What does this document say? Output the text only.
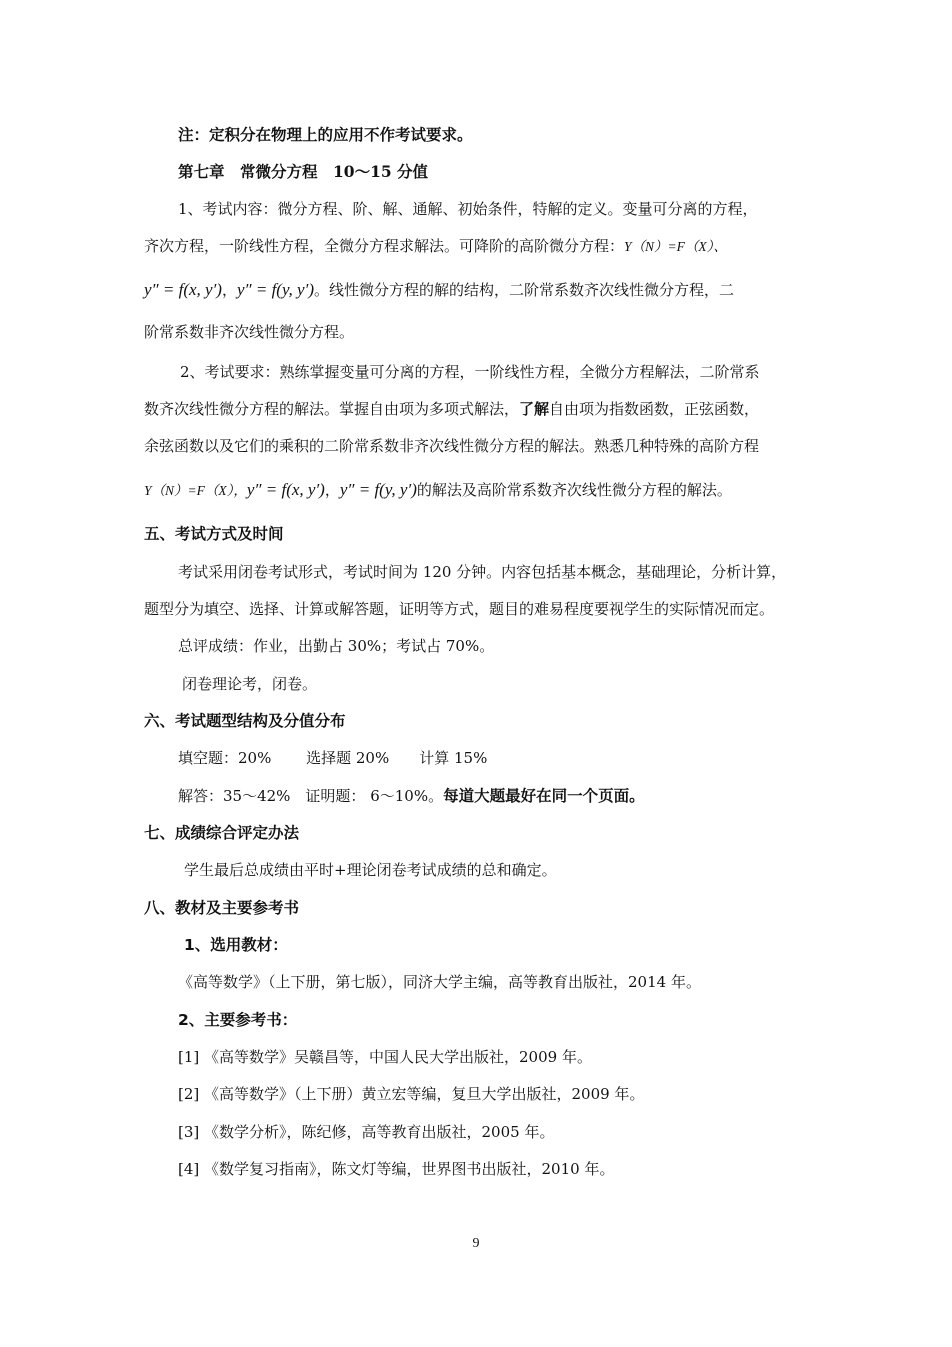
注：定积分在物理上的应用不作考试要求。
第七章　常微分方程　10～15 分值
1、考试内容：微分方程、阶、解、通解、初始条件，特解的定义。变量可分离的方程，
齐次方程，一阶线性方程，全微分方程求解法。可降阶的高阶微分方程：Y（N）=F（X）、
y″ = f(x, y′)，y″ = f(y, y′)。线性微分方程的解的结构，二阶常系数齐次线性微分方程，二
阶常系数非齐次线性微分方程。
2、考试要求：熟练掌握变量可分离的方程，一阶线性方程，全微分方程解法，二阶常系
数齐次线性微分方程的解法。掌握自由项为多项式解法，了解自由项为指数函数，正弦函数，
余弦函数以及它们的乘积的二阶常系数非齐次线性微分方程的解法。熟悉几种特殊的高阶方程
Y（N）=F（X），y″ = f(x, y′)，y″ = f(y, y′)的解法及高阶常系数齐次线性微分方程的解法。
五、考试方式及时间
考试采用闭卷考试形式，考试时间为 120 分钟。内容包括基本概念，基础理论，分析计算，
题型分为填空、选择、计算或解答题，证明等方式，题目的难易程度要视学生的实际情况而定。
总评成绩：作业，出勤占 30%；考试占 70%。
闭卷理论考，闭卷。
六、考试题型结构及分值分布
填空题：20%　　 选择题 20%　　计算 15%
解答：35～42%　证明题： 6～10%。每道大题最好在同一个页面。
七、成绩综合评定办法
学生最后总成绩由平时+理论闭卷考试成绩的总和确定。
八、教材及主要参考书
1、选用教材：
《高等数学》（上下册，第七版），同济大学主编，高等教育出版社，2014 年。
2、主要参考书：
[1] 《高等数学》吴赣昌等，中国人民大学出版社，2009 年。
[2] 《高等数学》（上下册）黄立宏等编，复旦大学出版社，2009 年。
[3] 《数学分析》，陈纪修，高等教育出版社，2005 年。
[4] 《数学复习指南》，陈文灯等编，世界图书出版社，2010 年。
9
